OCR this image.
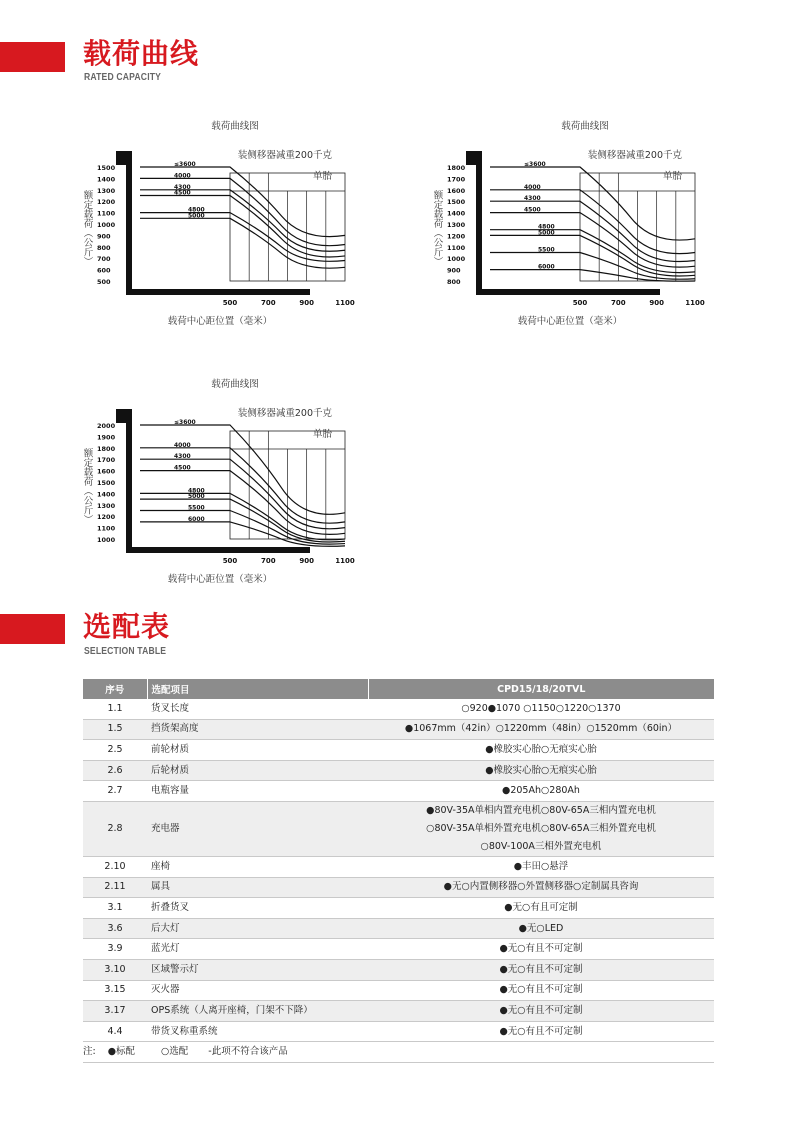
载荷曲线
RATED CAPACITY
载荷曲线图
装侧移器减重200千克
单胎
1500
1400
1300
1200
1100
1000
900
800
700
600
500
500	700	900	1100
额定载荷（公斤）
载荷中心距位置（毫米）
≤3600
4000
4300
4500
4800
5000
载荷曲线图
装侧移器减重200千克
单胎
1800
1700
1600
1500
1400
1300
1200
1100
1000
900
800
500	700	900	1100
额定载荷（公斤）
载荷中心距位置（毫米）
≤3600
4000
4300
4500
4800
5000
5500
6000
载荷曲线图
装侧移器减重200千克
单胎
2000
1900
1800
1700
1600
1500
1400
1300
1200
1100
1000
500	700	900	1100
额定载荷（公斤）
载荷中心距位置（毫米）
≤3600
4000
4300
4500
4800
5000
5500
6000
选配表
SELECTION TABLE
序号	选配项目	CPD15/18/20TVL
1.1	货叉长度	○920●1070 ○1150○1220○1370

1.5	挡货架高度	●1067mm（42in）○1220mm（48in）○1520mm（60in）

2.5	前轮材质	●橡胶实心胎○无痕实心胎

2.6	后轮材质	●橡胶实心胎○无痕实心胎

2.7	电瓶容量	●205Ah○280Ah

2.8	充电器	●80V-35A单相内置充电机○80V-65A三相内置充电机
○80V-35A单相外置充电机○80V-65A三相外置充电机
○80V-100A三相外置充电机

2.10	座椅	●丰田○悬浮

2.11	属具	●无○内置侧移器○外置侧移器○定制属具咨询

3.1	折叠货叉	●无○有且可定制

3.6	后大灯	●无○LED

3.9	蓝光灯	●无○有且不可定制

3.10	区域警示灯	●无○有且不可定制

3.15	灭火器	●无○有且不可定制

3.17	OPS系统（人离开座椅，门架不下降）	●无○有且不可定制

4.4	带货叉称重系统	●无○有且不可定制

注: ●标配 ○选配 -此项不符合该产品		
